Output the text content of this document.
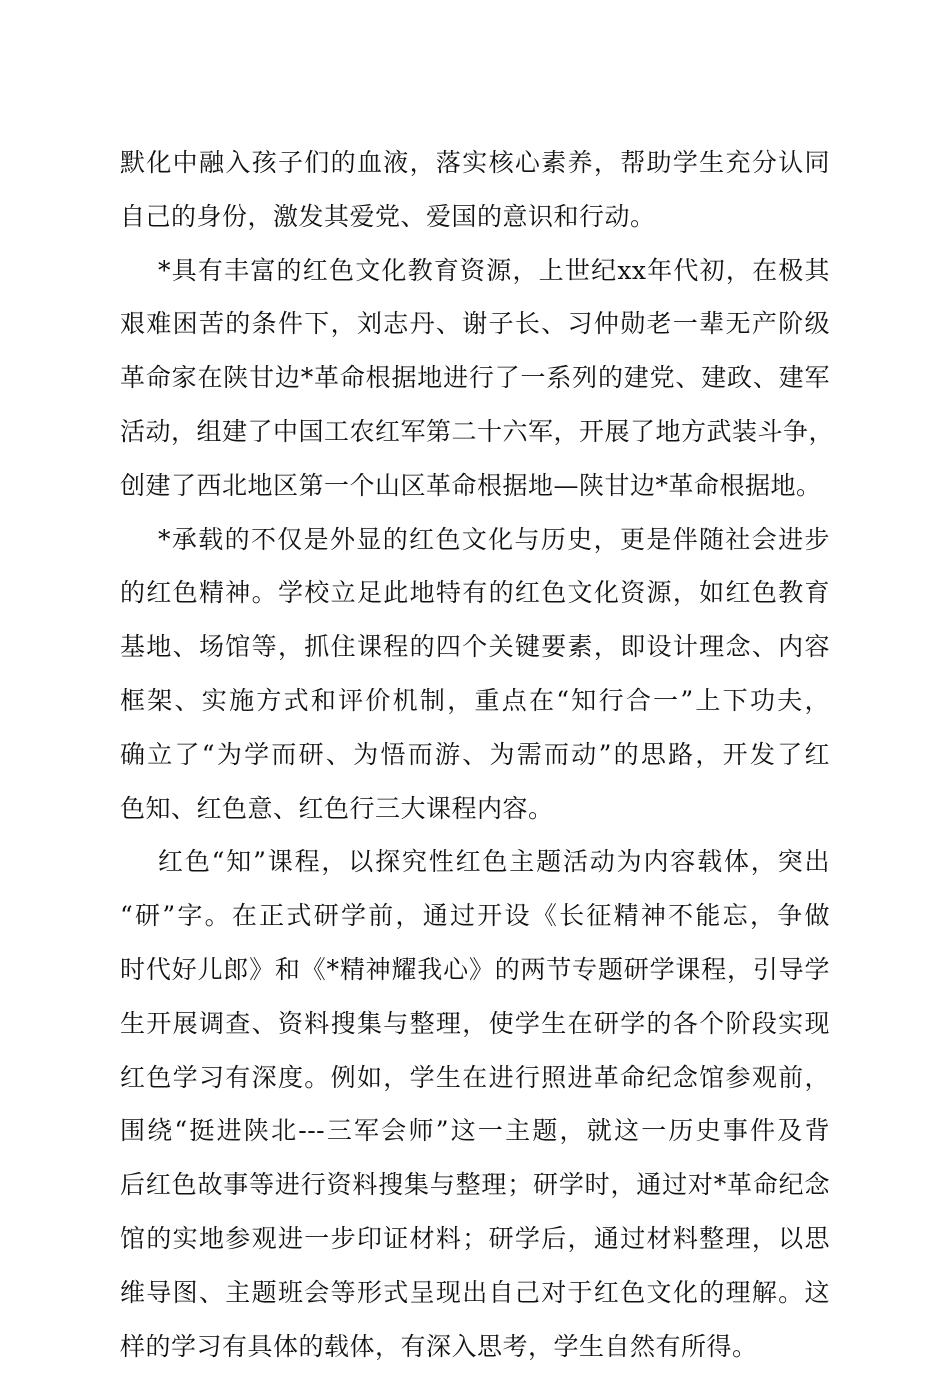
默化中融入孩子们的血液，落实核心素养，帮助学生充分认同
自己的身份，激发其爱党、爱国的意识和行动。
*具有丰富的红色文化教育资源，上世纪xx年代初，在极其
艰难困苦的条件下，刘志丹、谢子长、习仲勋老一辈无产阶级
革命家在陕甘边*革命根据地进行了一系列的建党、建政、建军
活动，组建了中国工农红军第二十六军，开展了地方武装斗争，
创建了西北地区第一个山区革命根据地—陕甘边*革命根据地。
*承载的不仅是外显的红色文化与历史，更是伴随社会进步
的红色精神。学校立足此地特有的红色文化资源，如红色教育
基地、场馆等，抓住课程的四个关键要素，即设计理念、内容
框架、实施方式和评价机制，重点在“知行合一”上下功夫，
确立了“为学而研、为悟而游、为需而动”的思路，开发了红
色知、红色意、红色行三大课程内容。
红色“知”课程，以探究性红色主题活动为内容载体，突出
“研”字。在正式研学前，通过开设《长征精神不能忘，争做
时代好儿郎》和《*精神耀我心》的两节专题研学课程，引导学
生开展调查、资料搜集与整理，使学生在研学的各个阶段实现
红色学习有深度。例如，学生在进行照进革命纪念馆参观前，
围绕“挺进陕北---三军会师”这一主题，就这一历史事件及背
后红色故事等进行资料搜集与整理；研学时，通过对*革命纪念
馆的实地参观进一步印证材料；研学后，通过材料整理，以思
维导图、主题班会等形式呈现出自己对于红色文化的理解。这
样的学习有具体的载体，有深入思考，学生自然有所得。
